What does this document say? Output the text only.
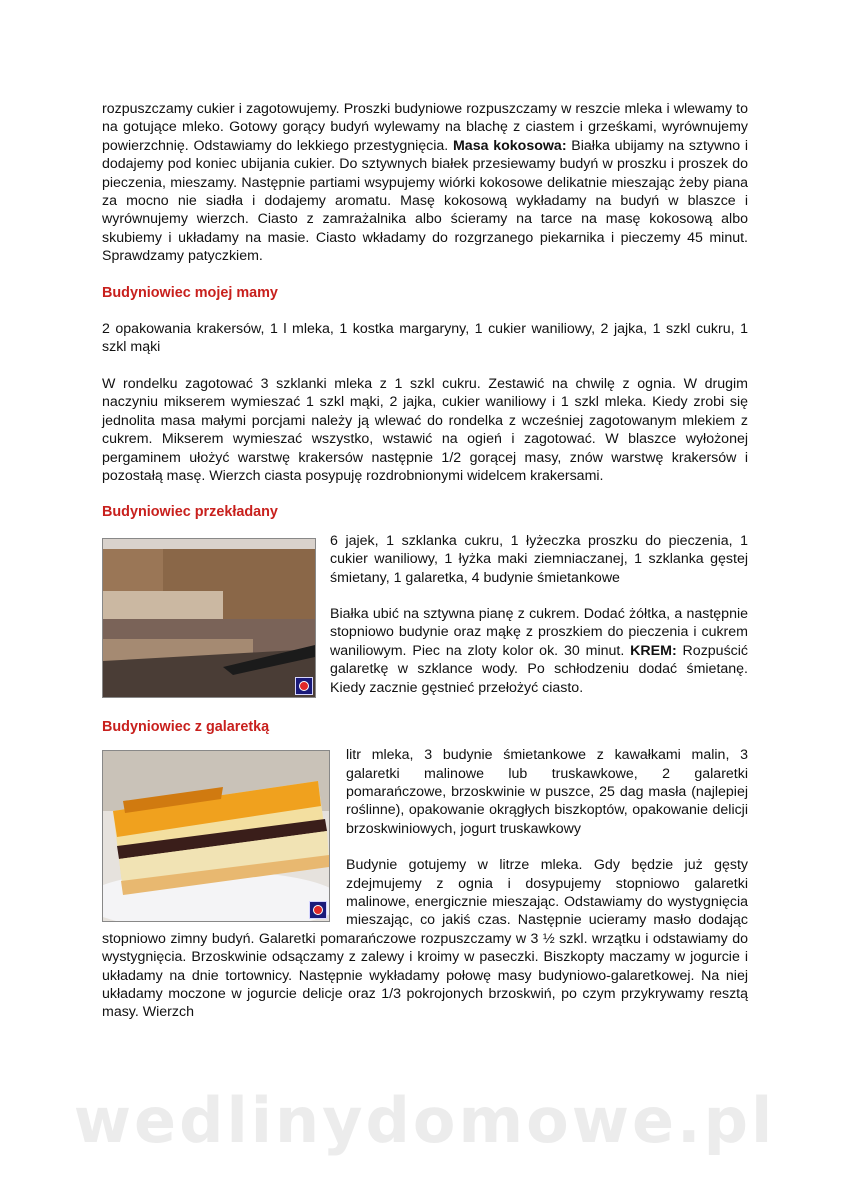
rozpuszczamy cukier i zagotowujemy. Proszki budyniowe rozpuszczamy w reszcie mleka i wlewamy to na gotujące mleko. Gotowy gorący budyń wylewamy na blachę z ciastem i grześkami, wyrównujemy powierzchnię. Odstawiamy do lekkiego przestygnięcia. Masa kokosowa: Białka ubijamy na sztywno i dodajemy pod koniec ubijania cukier. Do sztywnych białek przesiewamy budyń w proszku i proszek do pieczenia, mieszamy. Następnie partiami wsypujemy wiórki kokosowe delikatnie mieszając żeby piana za mocno nie siadła i dodajemy aromatu. Masę kokosową wykładamy na budyń w blaszce i wyrównujemy wierzch. Ciasto z zamrażalnika albo ścieramy na tarce na masę kokosową albo skubiemy i układamy na masie. Ciasto wkładamy do rozgrzanego piekarnika i pieczemy 45 minut. Sprawdzamy patyczkiem.

Budyniowiec mojej mamy

2 opakowania krakersów, 1 l mleka, 1 kostka margaryny, 1 cukier waniliowy, 2 jajka, 1 szkl cukru, 1 szkl mąki

W rondelku zagotować 3 szklanki mleka z 1 szkl cukru. Zestawić na chwilę z ognia. W drugim naczyniu mikserem wymieszać 1 szkl mąki, 2 jajka, cukier waniliowy i 1 szkl mleka. Kiedy zrobi się jednolita masa małymi porcjami należy ją wlewać do rondelka z wcześniej zagotowanym mlekiem z cukrem. Mikserem wymieszać wszystko, wstawić na ogień i zagotować. W blaszce wyłożonej pergaminem ułożyć warstwę krakersów następnie 1/2 gorącej masy, znów warstwę krakersów i pozostałą masę. Wierzch ciasta posypuję rozdrobnionymi widelcem krakersami.

Budyniowiec przekładany

6 jajek, 1 szklanka cukru, 1 łyżeczka proszku do pieczenia, 1 cukier waniliowy, 1 łyżka maki ziemniaczanej, 1 szklanka gęstej śmietany, 1 galaretka, 4 budynie śmietankowe

Białka ubić na sztywna pianę z cukrem. Dodać żółtka, a następnie stopniowo budynie oraz mąkę z proszkiem do pieczenia i cukrem waniliowym. Piec na zloty kolor ok. 30 minut. KREM: Rozpuścić galaretkę w szklance wody. Po schłodzeniu dodać śmietanę. Kiedy zacznie gęstnieć przełożyć ciasto.

Budyniowiec z galaretką

litr mleka, 3 budynie śmietankowe z kawałkami malin, 3 galaretki malinowe lub truskawkowe, 2 galaretki pomarańczowe, brzoskwinie w puszce, 25 dag masła (najlepiej roślinne), opakowanie okrągłych biszkoptów, opakowanie delicji brzoskwiniowych, jogurt truskawkowy

Budynie gotujemy w litrze mleka. Gdy będzie już gęsty zdejmujemy z ognia i dosypujemy stopniowo galaretki malinowe, energicznie mieszając. Odstawiamy do wystygnięcia mieszając, co jakiś czas. Następnie ucieramy masło dodając stopniowo zimny budyń. Galaretki pomarańczowe rozpuszczamy w 3 ½ szkl. wrzątku i odstawiamy do wystygnięcia. Brzoskwinie odsączamy z zalewy i kroimy w paseczki. Biszkopty maczamy w jogurcie i układamy na dnie tortownicy. Następnie wykładamy połowę masy budyniowo-galaretkowej. Na niej układamy moczone w jogurcie delicje oraz 1/3 pokrojonych brzoskwiń, po czym przykrywamy resztą masy. Wierzch

wedlinydomowe.pl
